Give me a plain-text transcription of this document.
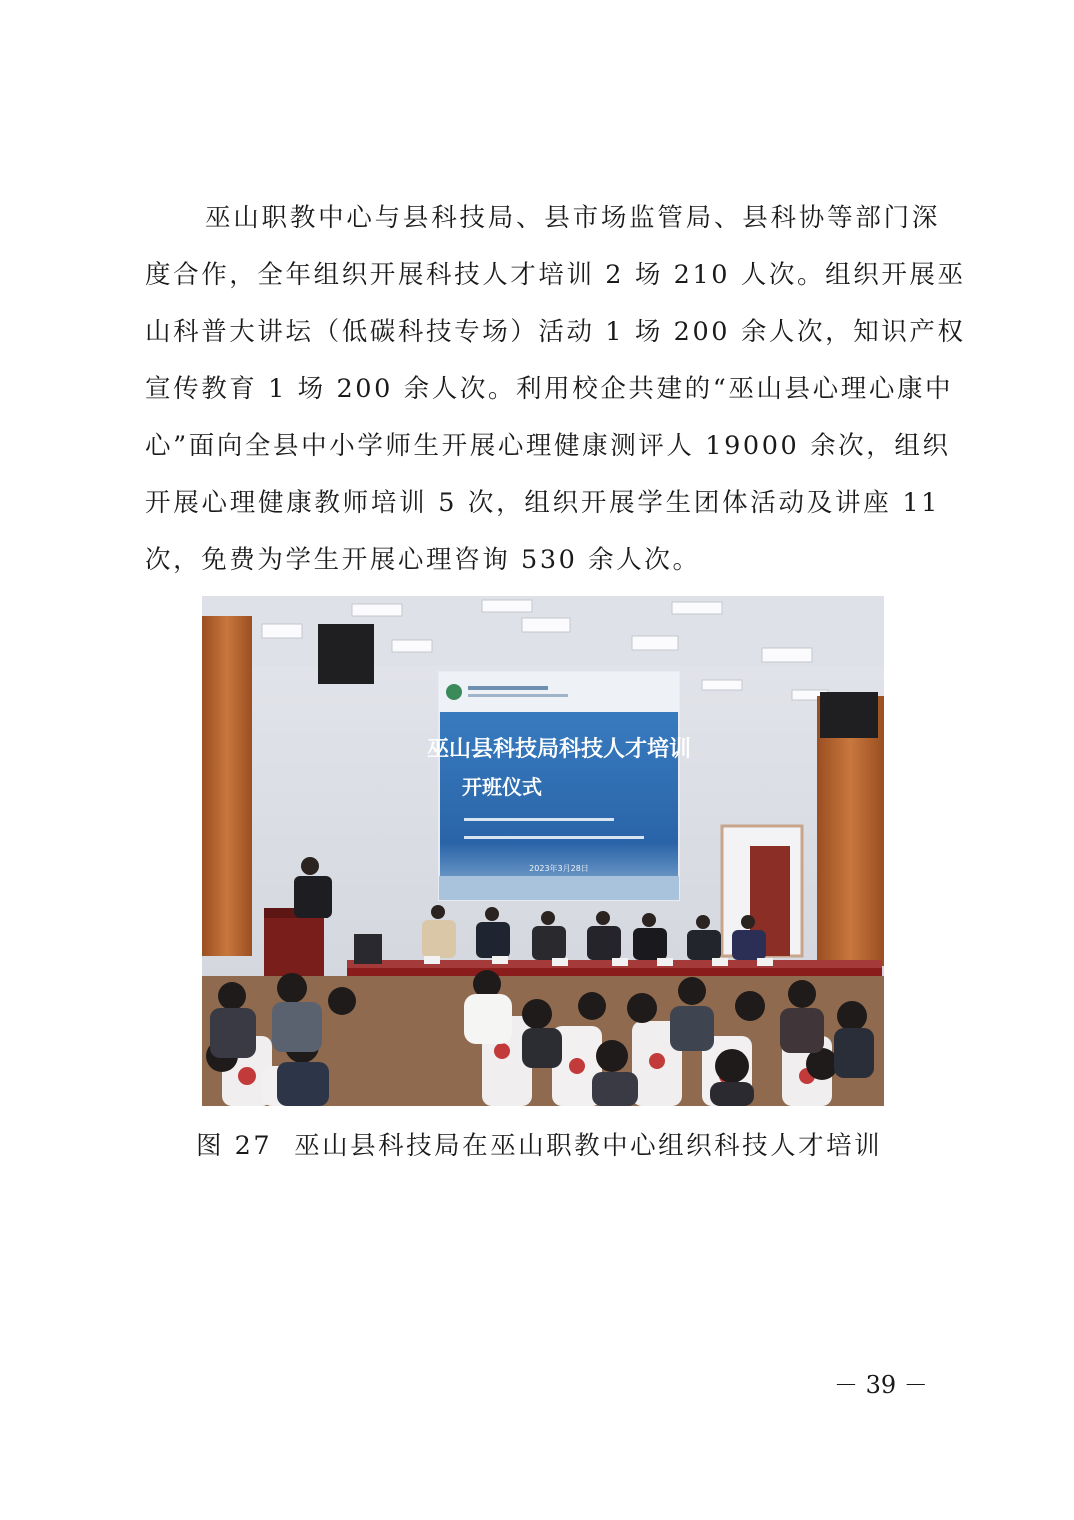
巫山职教中心与县科技局、县市场监管局、县科协等部门深
度合作，全年组织开展科技人才培训 2 场 210 人次。组织开展巫
山科普大讲坛（低碳科技专场）活动 1 场 200 余人次，知识产权
宣传教育 1 场 200 余人次。利用校企共建的“巫山县心理心康中
心”面向全县中小学师生开展心理健康测评人 19000 余次，组织
开展心理健康教师培训 5 次，组织开展学生团体活动及讲座 11
次，免费为学生开展心理咨询 530 余人次。
巫山县科技局科技人才培训
开班仪式
2023年3月28日
图 27 巫山县科技局在巫山职教中心组织科技人才培训
－ 39 －
